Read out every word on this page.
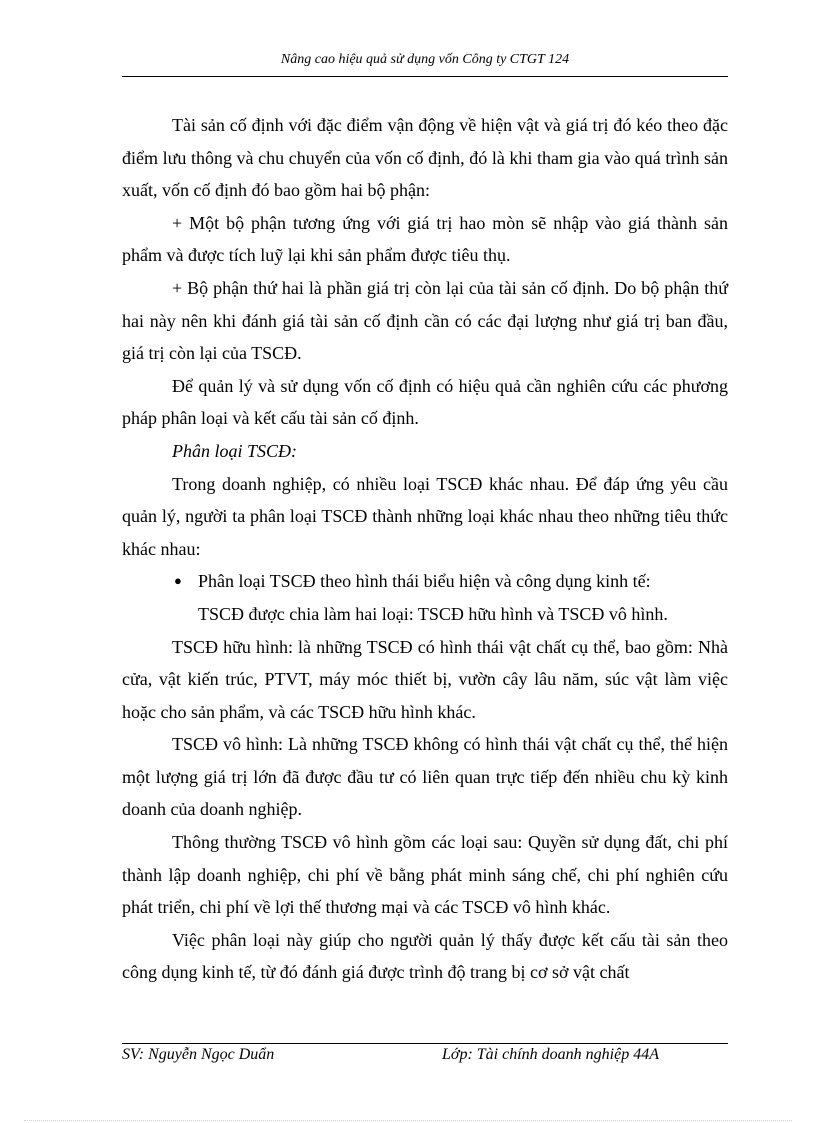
Nâng cao hiệu quả sử dụng vốn Công ty CTGT 124

Tài sản cố định với đặc điểm vận động về hiện vật và giá trị đó kéo theo đặc điểm lưu thông và chu chuyển của vốn cố định, đó là khi tham gia vào quá trình sản xuất, vốn cố định đó bao gồm hai bộ phận:

+ Một bộ phận tương ứng với giá trị hao mòn sẽ nhập vào giá thành sản phẩm và được tích luỹ lại khi sản phẩm được tiêu thụ.

+ Bộ phận thứ hai là phần giá trị còn lại của tài sản cố định. Do bộ phận thứ hai này nên khi đánh giá tài sản cố định cần có các đại lượng như giá trị ban đầu, giá trị còn lại của TSCĐ.

Để quản lý và sử dụng vốn cố định có hiệu quả cần nghiên cứu các phương pháp phân loại và kết cấu tài sản cố định.

Phân loại TSCĐ:

Trong doanh nghiệp, có nhiều loại TSCĐ khác nhau. Để đáp ứng yêu cầu quản lý, người ta phân loại TSCĐ thành những loại khác nhau theo những tiêu thức khác nhau:

● Phân loại TSCĐ theo hình thái biểu hiện và công dụng kinh tế:
TSCĐ được chia làm hai loại: TSCĐ hữu hình và TSCĐ vô hình.

TSCĐ hữu hình: là những TSCĐ có hình thái vật chất cụ thể, bao gồm: Nhà cửa, vật kiến trúc, PTVT, máy móc thiết bị, vườn cây lâu năm, súc vật làm việc hoặc cho sản phẩm, và các TSCĐ hữu hình khác.

TSCĐ vô hình: Là những TSCĐ không có hình thái vật chất cụ thể, thể hiện một lượng giá trị lớn đã được đầu tư có liên quan trực tiếp đến nhiều chu kỳ kinh doanh của doanh nghiệp.

Thông thường TSCĐ vô hình gồm các loại sau: Quyền sử dụng đất, chi phí thành lập doanh nghiệp, chi phí về bằng phát minh sáng chế, chi phí nghiên cứu phát triển, chi phí về lợi thế thương mại và các TSCĐ vô hình khác.

Việc phân loại này giúp cho người quản lý thấy được kết cấu tài sản theo công dụng kinh tế, từ đó đánh giá được trình độ trang bị cơ sở vật chất

SV: Nguyễn Ngọc Duẩn	Lớp: Tài chính doanh nghiệp 44A
